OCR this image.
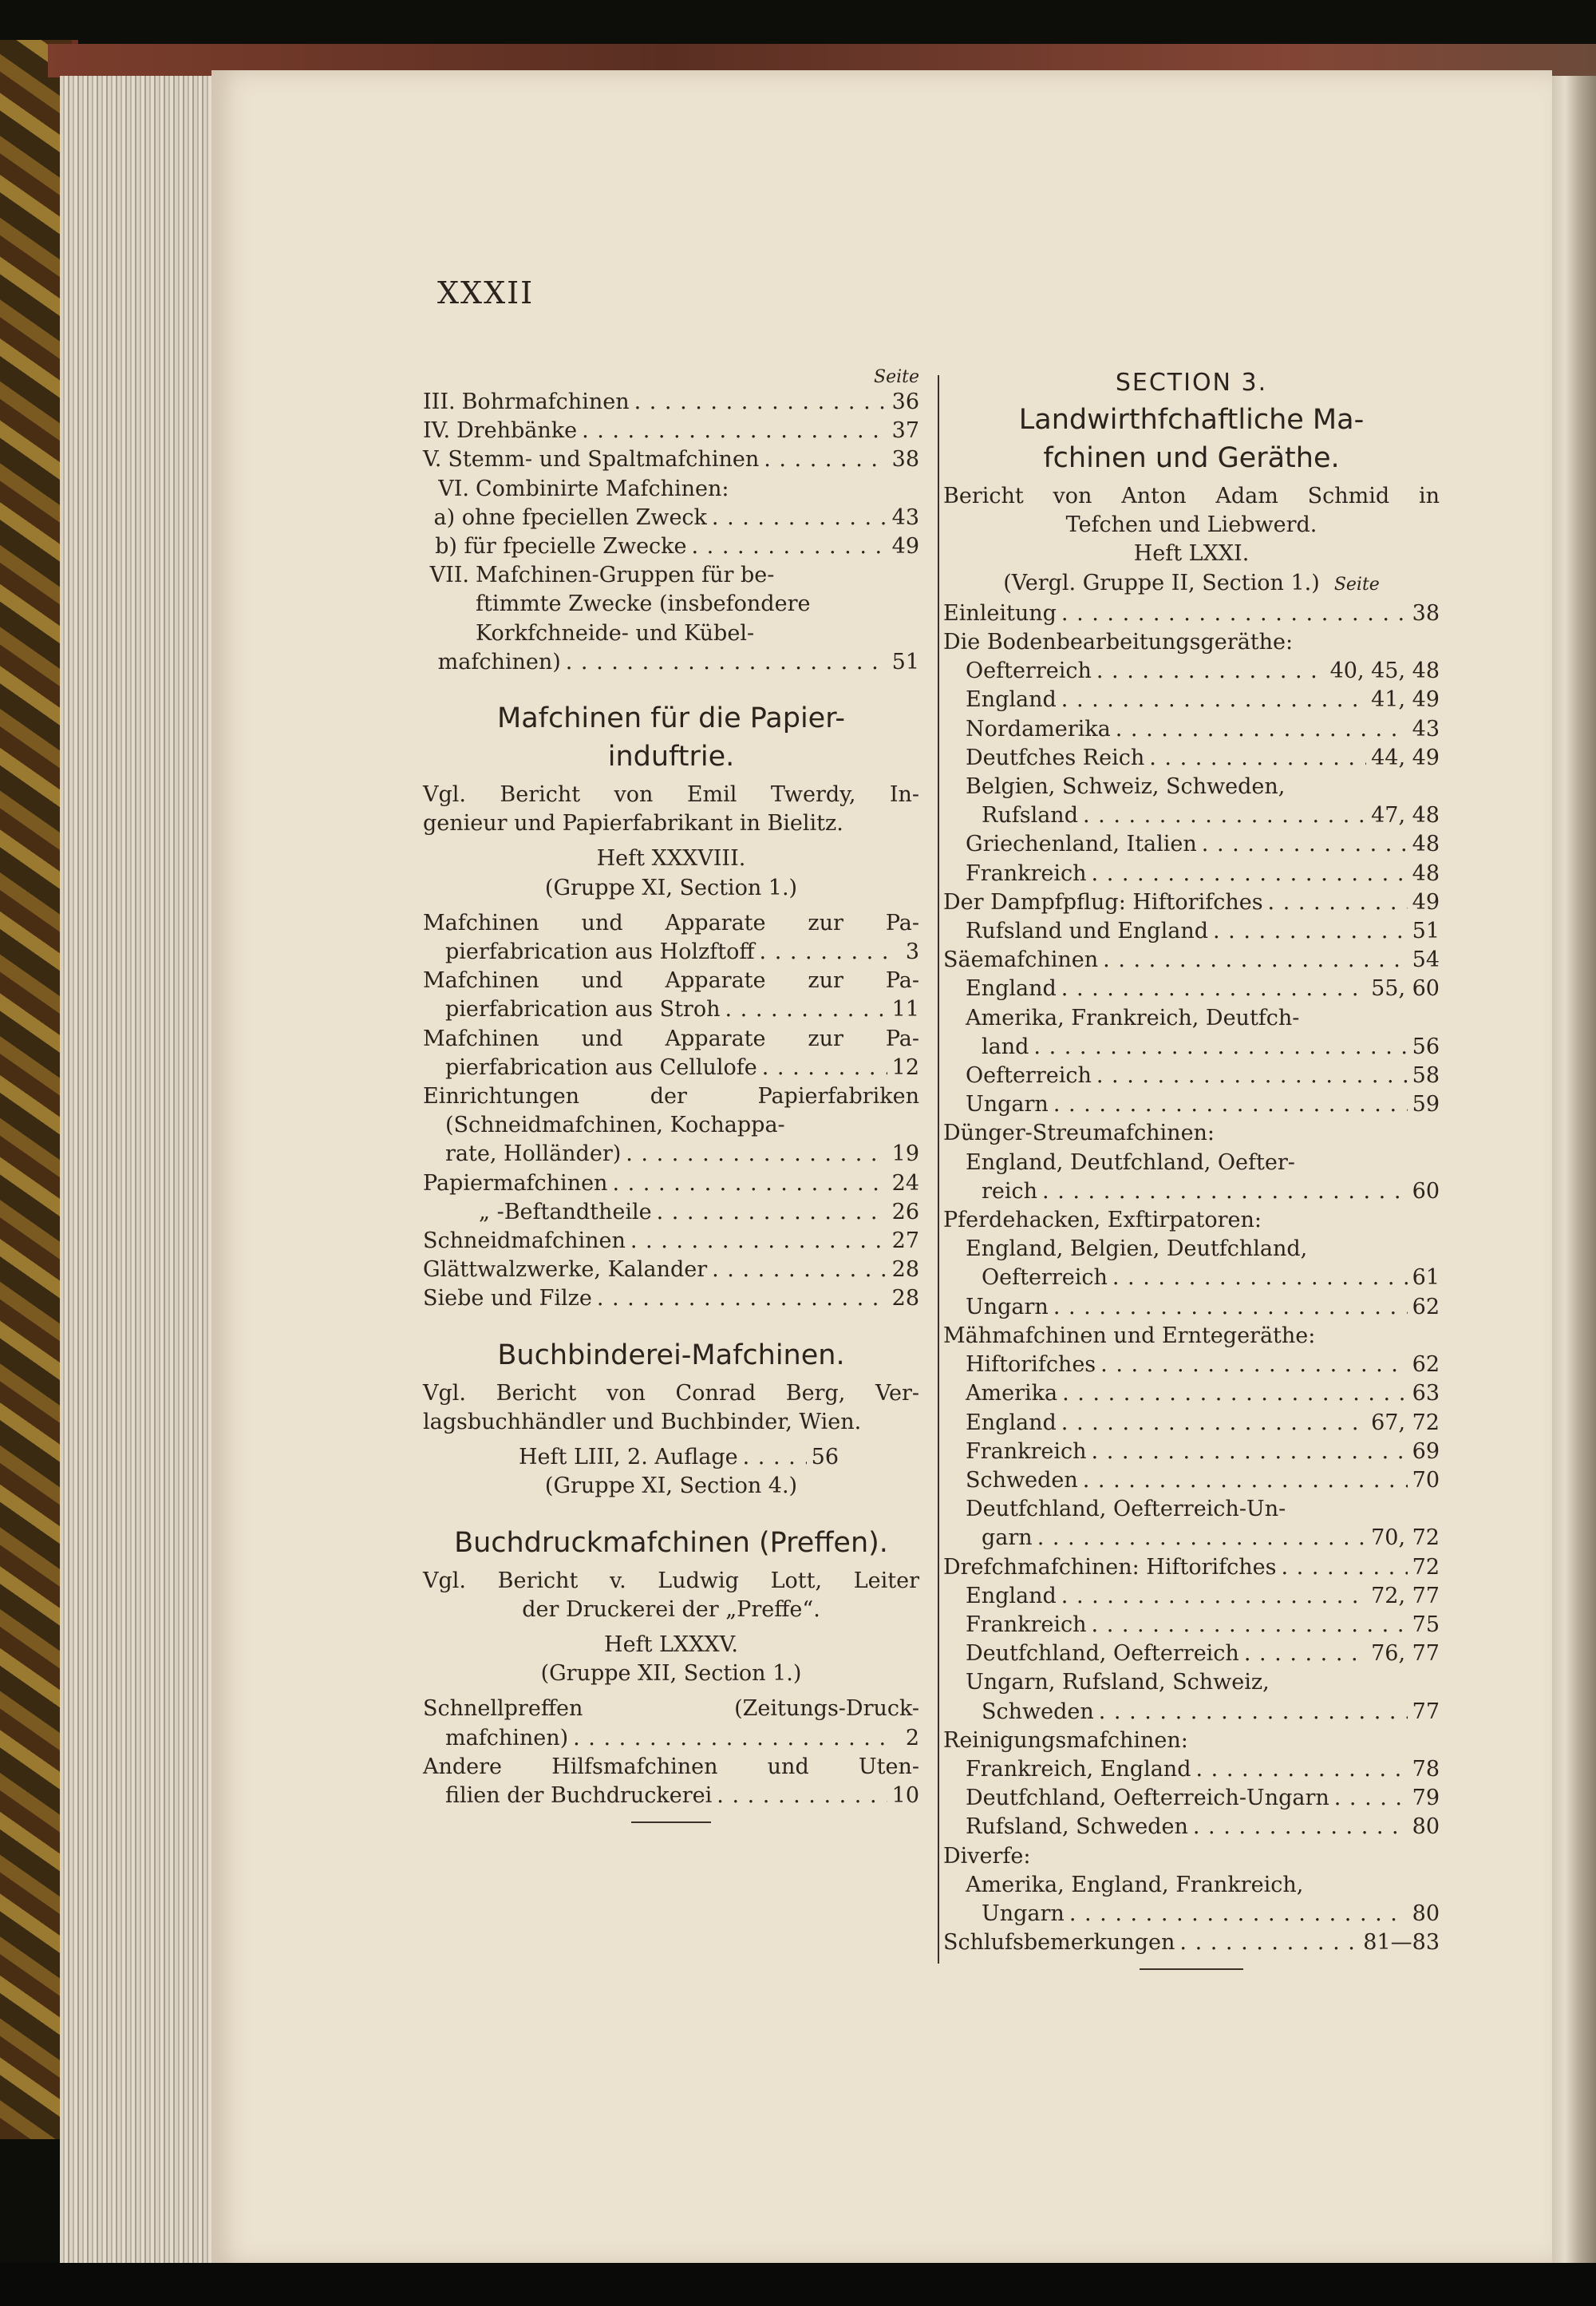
XXXII
Seite
III. Bohrmafchinen . . .	36
IV. Drehbänke . . .	37
V. Stemm- und Spaltmafchinen . . .	38
VI. Combinirte Mafchinen:
a) ohne fpeciellen Zweck . . .	43
b) für fpecielle Zwecke . . .	49
VII. Mafchinen-Gruppen für be-
ftimmte Zwecke (insbefondere
Korkfchneide- und Kübel-
mafchinen) . . .	51
Mafchinen für die Papier-
induftrie.
Vgl. Bericht von Emil Twerdy, In-
genieur und Papierfabrikant in Bielitz.
Heft XXXVIII.
(Gruppe XI, Section 1.)
Mafchinen und Apparate zur Pa-
pierfabrication aus Holzftoff . . .	3
Mafchinen und Apparate zur Pa-
pierfabrication aus Stroh . . .	11
Mafchinen und Apparate zur Pa-
pierfabrication aus Cellulofe . . .	12
Einrichtungen der Papierfabriken
(Schneidmafchinen, Kochappa-
rate, Holländer) . . .	19
Papiermafchinen . . .	24
„ -Beftandtheile . . .	26
Schneidmafchinen . . .	27
Glättwalzwerke, Kalander . . .	28
Siebe und Filze . . .	28
Buchbinderei-Mafchinen.
Vgl. Bericht von Conrad Berg, Ver-
lagsbuchhändler und Buchbinder, Wien.
Heft LIII, 2. Auflage . . .	56
(Gruppe XI, Section 4.)
Buchdruckmafchinen (Preffen).
Vgl. Bericht v. Ludwig Lott, Leiter
der Druckerei der „Preffe“.
Heft LXXXV.
(Gruppe XII, Section 1.)
Schnellpreffen (Zeitungs-Druck-
mafchinen) . . .	2
Andere Hilfsmafchinen und Uten-
filien der Buchdruckerei . . .	10
SECTION 3.
Landwirthfchaftliche Ma-
fchinen und Geräthe.
Bericht von Anton Adam Schmid in
Tefchen und Liebwerd.
Heft LXXI.
(Vergl. Gruppe II, Section 1.) Seite
Einleitung . . .	38
Die Bodenbearbeitungsgeräthe:
Oefterreich . . .	40, 45, 48
England . . .	41, 49
Nordamerika . . .	43
Deutfches Reich . . .	44, 49
Belgien, Schweiz, Schweden,
Rufsland . . .	47, 48
Griechenland, Italien . . .	48
Frankreich . . .	48
Der Dampfpflug: Hiftorifches . . .	49
Rufsland und England . . .	51
Säemafchinen . . .	54
England . . .	55, 60
Amerika, Frankreich, Deutfch-
land . . .	56
Oefterreich . . .	58
Ungarn . . .	59
Dünger-Streumafchinen:
England, Deutfchland, Oefter-
reich . . .	60
Pferdehacken, Exftirpatoren:
England, Belgien, Deutfchland,
Oefterreich . . .	61
Ungarn . . .	62
Mähmafchinen und Erntegeräthe:
Hiftorifches . . .	62
Amerika . . .	63
England . . .	67, 72
Frankreich . . .	69
Schweden . . .	70
Deutfchland, Oefterreich-Un-
garn . . .	70, 72
Drefchmafchinen: Hiftorifches . . .	72
England . . .	72, 77
Frankreich . . .	75
Deutfchland, Oefterreich . . .	76, 77
Ungarn, Rufsland, Schweiz,
Schweden . . .	77
Reinigungsmafchinen:
Frankreich, England . . .	78
Deutfchland, Oefterreich-Ungarn . . .	79
Rufsland, Schweden . . .	80
Diverfe:
Amerika, England, Frankreich,
Ungarn . . .	80
Schlufsbemerkungen . . .	81—83
